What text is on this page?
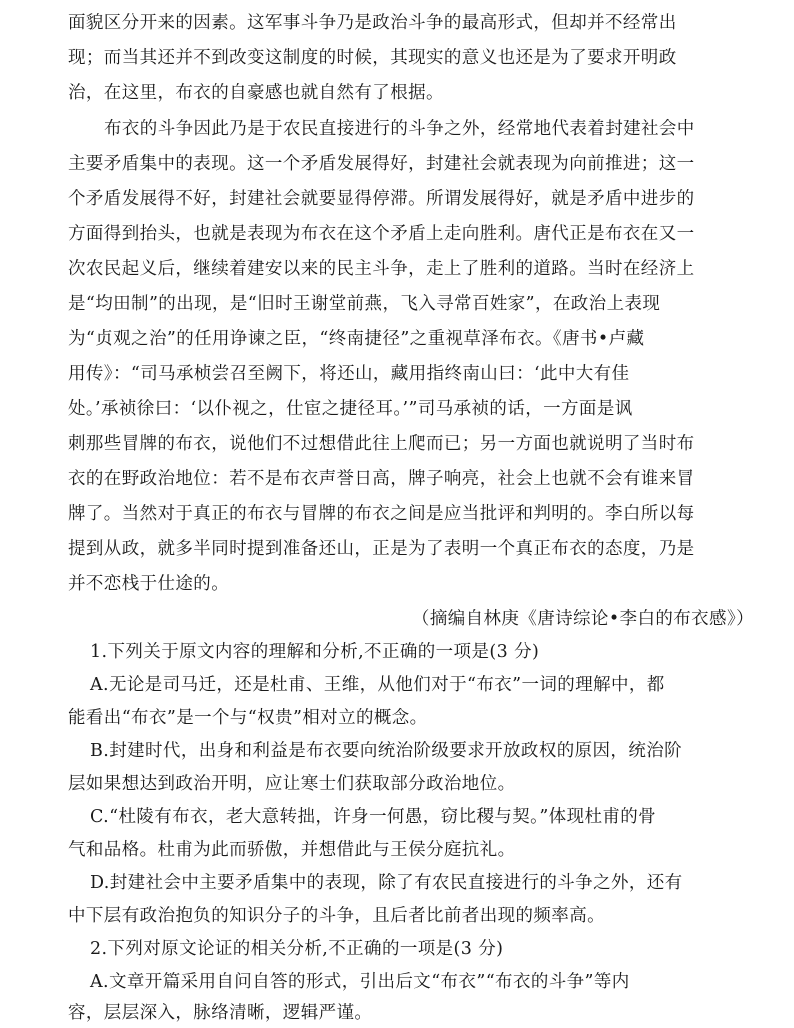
面貌区分开来的因素。这军事斗争乃是政治斗争的最高形式，但却并不经常出
现；而当其还并不到改变这制度的时候，其现实的意义也还是为了要求开明政
治，在这里，布衣的自豪感也就自然有了根据。
布衣的斗争因此乃是于农民直接进行的斗争之外，经常地代表着封建社会中
主要矛盾集中的表现。这一个矛盾发展得好，封建社会就表现为向前推进；这一
个矛盾发展得不好，封建社会就要显得停滞。所谓发展得好，就是矛盾中进步的
方面得到抬头，也就是表现为布衣在这个矛盾上走向胜利。唐代正是布衣在又一
次农民起义后，继续着建安以来的民主斗争，走上了胜利的道路。当时在经济上
是“均田制”的出现，是“旧时王谢堂前燕，飞入寻常百姓家”，在政治上表现
为“贞观之治”的任用诤谏之臣，“终南捷径”之重视草泽布衣。《唐书•卢藏
用传》：“司马承桢尝召至阙下，将还山，藏用指终南山曰：‘此中大有佳
处。’承祯徐曰：‘以仆视之，仕宦之捷径耳。’”司马承祯的话，一方面是讽
刺那些冒牌的布衣，说他们不过想借此往上爬而已；另一方面也就说明了当时布
衣的在野政治地位：若不是布衣声誉日高，牌子响亮，社会上也就不会有谁来冒
牌了。当然对于真正的布衣与冒牌的布衣之间是应当批评和判明的。李白所以每
提到从政，就多半同时提到准备还山，正是为了表明一个真正布衣的态度，乃是
并不恋栈于仕途的。
（摘编自林庚《唐诗综论•李白的布衣感》）
1.下列关于原文内容的理解和分析,不正确的一项是(3 分)
A.无论是司马迁，还是杜甫、王维，从他们对于“布衣”一词的理解中，都
能看出“布衣”是一个与“权贵”相对立的概念。
B.封建时代，出身和利益是布衣要向统治阶级要求开放政权的原因，统治阶
层如果想达到政治开明，应让寒士们获取部分政治地位。
C.“杜陵有布衣，老大意转拙，许身一何愚，窃比稷与契。”体现杜甫的骨
气和品格。杜甫为此而骄傲，并想借此与王侯分庭抗礼。
D.封建社会中主要矛盾集中的表现，除了有农民直接进行的斗争之外，还有
中下层有政治抱负的知识分子的斗争，且后者比前者出现的频率高。
2.下列对原文论证的相关分析,不正确的一项是(3 分)
A.文章开篇采用自问自答的形式，引出后文“布衣”“布衣的斗争”等内
容，层层深入，脉络清晰，逻辑严谨。
